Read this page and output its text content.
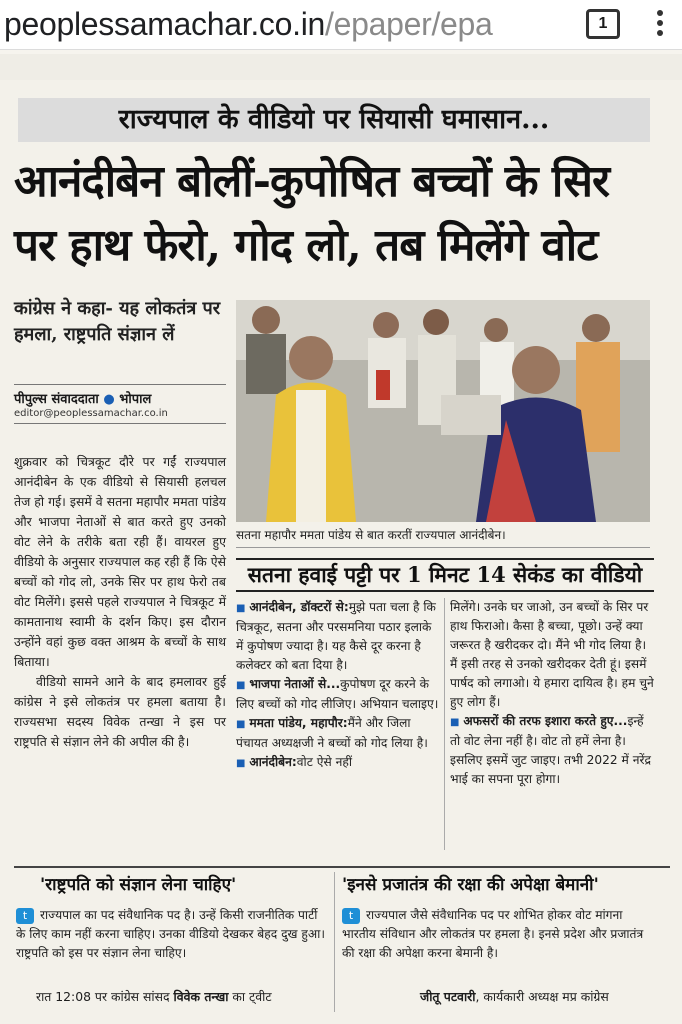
peoplessamachar.co.in/epaper/epa	1
राज्यपाल के वीडियो पर सियासी घमासान...
आनंदीबेन बोलीं-कुपोषित बच्चों के सिर
पर हाथ फेरो, गोद लो, तब मिलेंगे वोट
कांग्रेस ने कहा- यह लोकतंत्र पर हमला, राष्ट्रपति संज्ञान लें
पीपुल्स संवाददाता ● भोपाल
editor@peoplessamachar.co.in

शुक्रवार को चित्रकूट दौरे पर गईं राज्यपाल आनंदीबेन के एक वीडियो से सियासी हलचल तेज हो गई। इसमें वे सतना महापौर ममता पांडेय और भाजपा नेताओं से बात करते हुए उनको वोट लेने के तरीके बता रही हैं। वायरल हुए वीडियो के अनुसार राज्यपाल कह रही हैं कि ऐसे बच्चों को गोद लो, उनके सिर पर हाथ फेरो तब वोट मिलेंगे। इससे पहले राज्यपाल ने चित्रकूट में कामतानाथ स्वामी के दर्शन किए। इस दौरान उन्होंने वहां कुछ वक्त आश्रम के बच्चों के साथ बिताया।

वीडियो सामने आने के बाद हमलावर हुई कांग्रेस ने इसे लोकतंत्र पर हमला बताया है। राज्यसभा सदस्य विवेक तन्खा ने इस पर राष्ट्रपति से संज्ञान लेने की अपील की है।

सतना महापौर ममता पांडेय से बात करतीं राज्यपाल आनंदीबेन।
सतना हवाई पट्टी पर 1 मिनट 14 सेकंड का वीडियो

■ आनंदीबेन, डॉक्टरों से:मुझे पता चला है कि चित्रकूट, सतना और परसमनिया पठार इलाके में कुपोषण ज्यादा है। यह कैसे दूर करना है कलेक्टर को बता दिया है।

■ भाजपा नेताओं से...कुपोषण दूर करने के लिए बच्चों को गोद लीजिए। अभियान चलाइए।

■ ममता पांडेय, महापौर:मैंने और जिला पंचायत अध्यक्षजी ने बच्चों को गोद लिया है।

■ आनंदीबेन:वोट ऐसे नहीं

मिलेंगे। उनके घर जाओ, उन बच्चों के सिर पर हाथ फिराओ। कैसा है बच्चा, पूछो। उन्हें क्या जरूरत है खरीदकर दो। मैंने भी गोद लिया है। मैं इसी तरह से उनको खरीदकर देती हूं। इसमें पार्षद को लगाओ। ये हमारा दायित्व है। हम चुने हुए लोग हैं।

■ अफसरों की तरफ इशारा करते हुए...इन्हें तो वोट लेना नहीं है। वोट तो हमें लेना है। इसलिए इसमें जुट जाइए। तभी 2022 में नरेंद्र भाई का सपना पूरा होगा।

'राष्ट्रपति को संज्ञान लेना चाहिए'	'इनसे प्रजातंत्र की रक्षा की अपेक्षा बेमानी'
t राज्यपाल का पद संवैधानिक पद है। उन्हें किसी राजनीतिक पार्टी के लिए काम नहीं करना चाहिए। उनका वीडियो देखकर बेहद दुख हुआ। राष्ट्रपति को इस पर संज्ञान लेना चाहिए।
t राज्यपाल जैसे संवैधानिक पद पर शोभित होकर वोट मांगना भारतीय संविधान और लोकतंत्र पर हमला है। इनसे प्रदेश और प्रजातंत्र की रक्षा की अपेक्षा करना बेमानी है।
रात 12:08 पर कांग्रेस सांसद विवेक तन्खा का ट्वीट	जीतू पटवारी, कार्यकारी अध्यक्ष मप्र कांग्रेस
